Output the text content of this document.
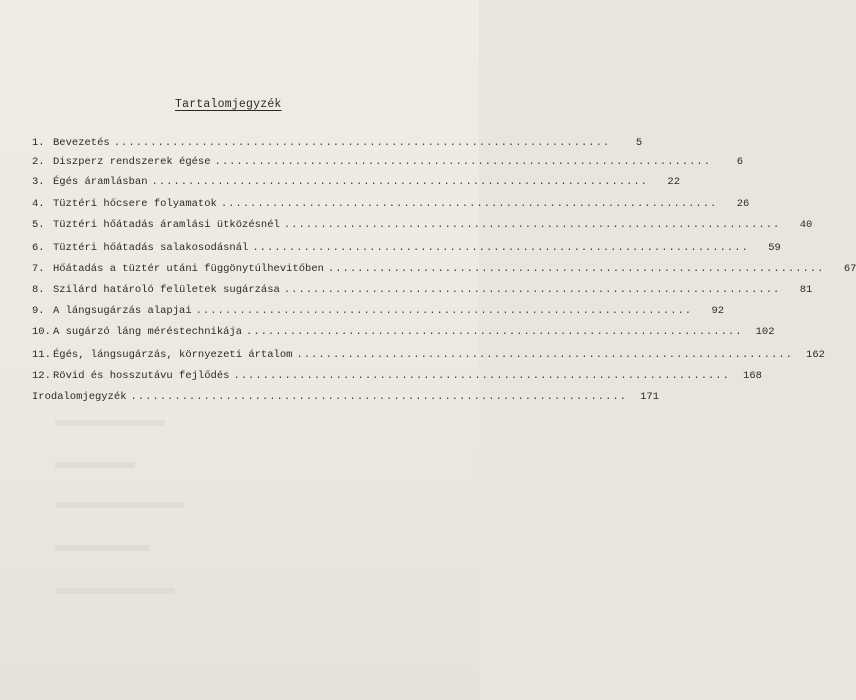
Tartalomjegyzék
1. Bevezetés ....................................................................	5
2. Diszperz rendszerek égése ....................................................................	6
3. Égés áramlásban ....................................................................	22
4. Tüztéri hőcsere folyamatok ....................................................................	26
5. Tüztéri hőátadás áramlási ütközésnél ....................................................................	40
6. Tüztéri hőátadás salakosodásnál ....................................................................	59
7. Hőátadás a tüztér utáni függönytúlhevitőben ....................................................................	67
8. Szilárd határoló felületek sugárzása ....................................................................	81
9. A lángsugárzás alapjai ....................................................................	92
10. A sugárzó láng méréstechnikája ....................................................................	102
11. Égés, lángsugárzás, környezeti ártalom ....................................................................	162
12. Rövid és hosszutávu fejlődés ....................................................................	168
Irodalomjegyzék ....................................................................	171
